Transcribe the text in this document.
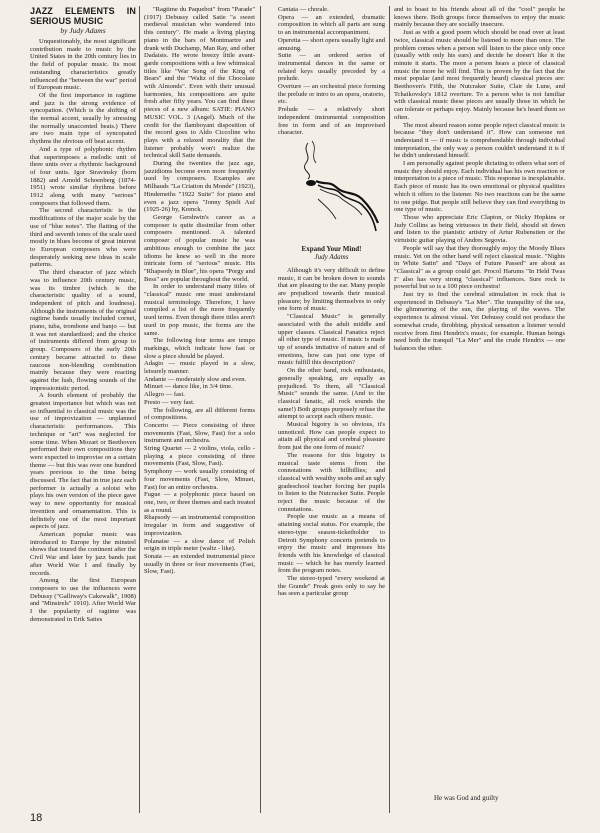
JAZZ ELEMENTS IN SERIOUS MUSIC
by Judy Adams

Unquestionably, the most significant contribution made to music by the United States in the 20th century lies in the field of popular music. Its most outstanding characteristics greatly influenced the "between the war" period of European music.

Of the first importance in ragtime and jazz is the strong evidence of syncopation. (Which is the shifting of the normal accent, usually by stressing the normally unaccented beats.) There are two main type of syncopated rhythms the obvious off beat accent.

And a type of polyphonic rhythm that superimposes a melodic unit of three units over a rhythmic background of four units. Igor Stravinsky (born 1882) and Arnold Schoenberg (1874-1951) wrote similar rhythms before 1912 along with many "serious" composers that followed them.

The second characteristic is the modifications of the major scale by the use of "blue notes". The flatting of the third and seventh tones of the scale used mostly in blues become of great interest to European composers who were desperately seeking new ideas in scale patterns.

The third character of jazz which was to influence 20th century music, was its timbre (which is the characteristic quality of a sound, independent of pitch and loudness). Although the instruments of the original ragtime bands usually included cornet, piano, tuba, trombone and banjo — but it was not standardized; and the choice of instruments differed from group to group. Composers of the early 20th century became attracted to these raucous non-blending combination mainly because they were reacting against the lush, flowing sounds of the impressionistic period.

A fourth element of probably the greatest importance but which was not so influential to classical music was the use of improvization — unplanned characteristic performances. This technique or "art" was neglected for some time. When Mozart or Beethoven performed their own compositions they were expected to improvise on a certain theme — but this was over one hundred years previous to the time being discussed. The fact that in true jazz each performer is actually a soloist who plays his own version of the piece gave way to new opportunity for musical invention and ornamentation. This is definitely one of the most important aspects of jazz.

American popular music was introduced to Europe by the minstrel shows that toured the continent after the Civil War and later by jazz bands just after World War I and finally by records.

Among the first European composers to use the influences were Debussy ("Galliway's Cakewalk", 1908) and "Minstrels" 1910). After World War I the popularity of ragtime was demonstrated in Erik Saties

"Ragtime du Paquebot" from "Parade" (1917) Debussy called Satie "a sweet medieval musician who wandered into this century". He made a living playing piano in the bars of Montmartre and drank with Duchamp, Man Ray, and other Dadaists. He wrote breezy little avant-garde compositions with a few whimsical titles like "War Song of the King of Bears" and the "Waltz of the Chocolate with Almonds". Even with their unusual harmonies, his compositions are quite fresh after fifty years. You can find these pieces of a new album: SATIE: PIANO MUSIC VOL. 3 (Angel). Much of the credit for the flamboyant disposition of the record goes to Aldo Ciccoline who plays with a relaxed morality that the listener probably won't realize the technical skill Satie demands.

During the twenties the jazz age, jazzidioms become even more frequently used by composers. Examples are Milhauds "La Criation du Monde" (1923), Hindemeths "1922 Suite" for piano and even a jazz opera "Jonny Spielt Auf (1925-26) by, Krenck.

George Gershwin's career as a composer is quite dissimilar from other composers mentioned. A talented composer of popular music he was ambitious enough to combine the jazz idioms he knew so well in the more intricate form of "serious" music. His "Rhapsody in Blue", his opera "Porgy and Bess" are popular throughout the world.

In order to understand many titles of "classical" music one must understand musical terminology. Therefore, I have compiled a list of the more frequently used terms. Even though there titles aren't used in pop music, the forms are the same.

The following four terms are tempo markings, which indicate how fast or slow a piece should be played.

Adagio — music played in a slow, leisurely manner.

Andante — moderately slow and even.

Minuet — dance like, in 3/4 time.

Allegro — fast.

Presto — very fast.

The following, are all different forms of compositions.

Concerto — Piece consisting of three movements (Fast, Slow, Fast) for a solo instrument and orchestra.

String Quartet — 2 violins, viola, cello - playing a piece consisting of three movements (Fast, Slow, Fast).

Symphony — work usually consisting of four movements (Fast, Slow, Minuet, Fast) for an entire orchestra.

Fugue — a polyphonic piece based on one, two, or three themes and each treated as a round.

Rhapsody — an instrumental composition irregular in form and suggestive of improvization.

Polanaise — a slow dance of Polish origin in triple meter (waltz - like).

Sonata — an extended instrumental piece usually in three or four movements (Fast, Slow, Fast).

Cantata — chorale.

Opera — an extended, dramatic composition in which all parts are sung to an instrumental accompaniment.

Operetta — short opera usually light and amusing.

Suite — an ordered series of instrumental dances in the same or related keys usually preceded by a prelude.

Overture — an orchestral piece forming the prelude or intro to an opera, oratorio, etc.

Prelude — a relatively short independent instrumental composition free in form and of an improvised character.

Expand Your Mind!
Judy Adams

Although it's very difficult to define music, it can be broken down to sounds that are pleasing to the ear. Many people are prejudiced towards their musical pleasure; by limiting themselves to only one form of music.

"Classical Music" is generally associated with the adult middle and upper classes. Classical Fanatics reject all other type of music. If music is made up of sounds imitative of nature and of emotions, how can just one type of music fulfill this description?

On the other hand, rock enthusiasts, generally speaking, are equally as prejudiced. To them, all "Classical Music" sounds the same. (And to the classical fanatic, all rock sounds the same!) Both groups purposely refuse the attempt to accept each others music.

Musical bigotry is so obvious, it's unnoticed. How can people expect to attain all physical and cerebral pleasure from just the one form of music?

The reasons for this bigotry is musical taste stems from the connotations with hillbillies; and classical with wealthy snobs and an ugly gradeschool teacher forcing her pupils to listen to the Nutcracker Suite. People reject the music because of the connotations.

People use music as a means of attaining social status. For example, the stereo-type season-ticketholder to Detroit Symphony concerts pretends to enjoy the music and impresses his friends with his knowledge of classical music — which he has merely learned from the program notes.

The stereo-typed "every weekend at the Grande" Freak goes only to say he has seen a particular group

and to boast to his friends about all of the "cool" people he knows there. Both groups force themselves to enjoy the music mainly because they are socially insecure.

Just as with a good poem which should be read over at least twice, classical music should be listened to more than once. The problem comes when a person will listen to the piece only once (usually with only his ears) and decide he doesn't like it the minute it starts. The more a person hears a piece of classical music the more he will find. This is proven by the fact that the most popular (and most frequently heard) classical pieces are: Beethoven's Fifth, the Nutcraker Suite, Clair de Lune, and Tchaikovsky's 1812 overture. To a person who is not familiar with classical music these pieces are usually those in which he can tolerate or perhaps enjoy. Mainly because he's heard them so often.

The most absurd reason some people reject classical music is because "they don't understand it". How can someone not understand it — if music is comprehendable through individual interpretation, the only way a person couldn't understand it is if he didn't understand himself.

I am personally against people dictating to others what sort of music they should enjoy. Each individual has his own reaction or interpretation to a piece of music. This response is inexplainable. Each piece of music has its own emotional or physical qualities which it offers to the listener. No two reactions can be the same to one pidge. But people still believe they can find everything in one type of music.

Those who appreciate Eric Clapton, or Nicky Hopkins or Judy Collins as being virtuosos in their field, should sit down and listen to the pianistic artistry of Artur Rubenstien or the virtuistic guitar playing of Andres Segovia.

People will say that they thoroughly enjoy the Moody Blues music. Yet on the other hand will reject classical music. "Nights in White Satin" and "Days of Future Passed" are about as "Classical" as a group could get. Procol Harums "In Held Twas I" also has very strong "classical" influences. Sure rock is powerful but so is a 100 piece orchestra!

Just try to find the cerebral stimulation in rock that is experienced in Debussy's "La Mer". The tranquility of the sea, the glimmering of the sun, the playing of the waves. The experience is almost visual. Yet Debussy could not produce the somewhat crude, throbbing, physical sensation a listener would receive from Jimi Hendrix's music, for example. Human beings need both the tranquil "La Mer" and the crude Hendrix — one balances the other.

He was God and guilty
18
